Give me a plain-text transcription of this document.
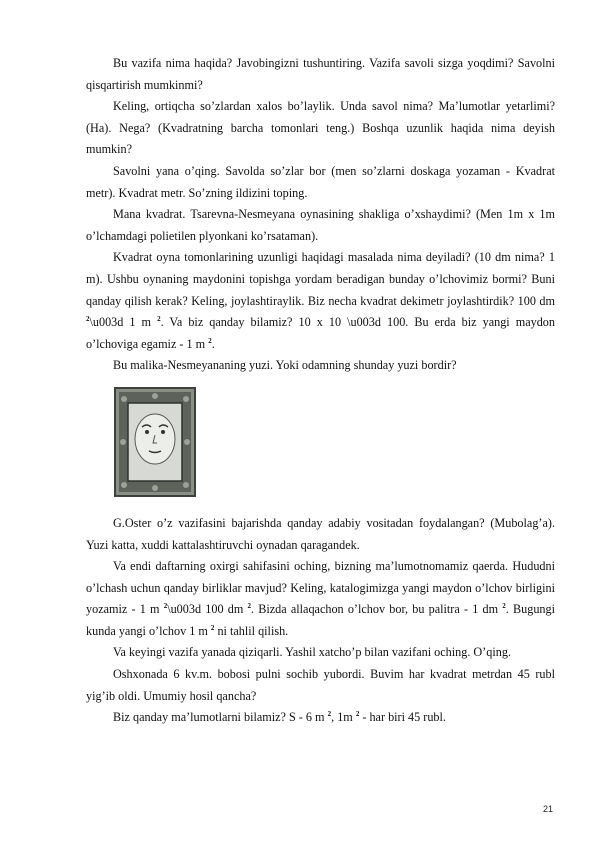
Bu vazifa nima haqida? Javobingizni tushuntiring. Vazifa savoli sizga yoqdimi? Savolni qisqartirish mumkinmi?

Keling, ortiqcha so’zlardan xalos bo’laylik. Unda savol nima? Ma’lumotlar yetarlimi? (Ha). Nega? (Kvadratning barcha tomonlari teng.) Boshqa uzunlik haqida nima deyish mumkin?

Savolni yana o’qing. Savolda so’zlar bor (men so’zlarni doskaga yozaman - Kvadrat metr). Kvadrat metr. So’zning ildizini toping.

Mana kvadrat. Tsarevna-Nesmeyana oynasining shakliga o’xshaydimi? (Men 1m x 1m o’lchamdagi polietilen plyonkani ko’rsataman).

Kvadrat oyna tomonlarining uzunligi haqidagi masalada nima deyiladi? (10 dm nima? 1 m). Ushbu oynaning maydonini topishga yordam beradigan bunday o’lchovimiz bormi? Buni qanday qilish kerak? Keling, joylashtiraylik. Biz necha kvadrat dekimetr joylashtirdik? 100 dm $^2$\u003d 1 m $^2$. Va biz qanday bilamiz? 10 x 10 \u003d 100. Bu erda biz yangi maydon o’lchoviga egamiz - 1 m $^2$.

Bu malika-Nesmeyananing yuzi. Yoki odamning shunday yuzi bordir?

G.Oster o’z vazifasini bajarishda qanday adabiy vositadan foydalangan? (Mubolag’a). Yuzi katta, xuddi kattalashtiruvchi oynadan qaragandek.

Va endi daftarning oxirgi sahifasini oching, bizning ma’lumotnomamiz qaerda. Hududni o’lchash uchun qanday birliklar mavjud? Keling, katalogimizga yangi maydon o’lchov birligini yozamiz - 1 m $^2$\u003d 100 dm $^2$. Bizda allaqachon o’lchov bor, bu palitra - 1 dm $^2$. Bugungi kunda yangi o’lchov 1 m $^2$ ni tahlil qilish.

Va keyingi vazifa yanada qiziqarli. Yashil xatcho’p bilan vazifani oching. O’qing.

Oshxonada 6 kv.m. bobosi pulni sochib yubordi. Buvim har kvadrat metrdan 45 rubl yig’ib oldi. Umumiy hosil qancha?

Biz qanday ma’lumotlarni bilamiz? S - 6 m $^2$, 1m $^2$ - har biri 45 rubl.

21
